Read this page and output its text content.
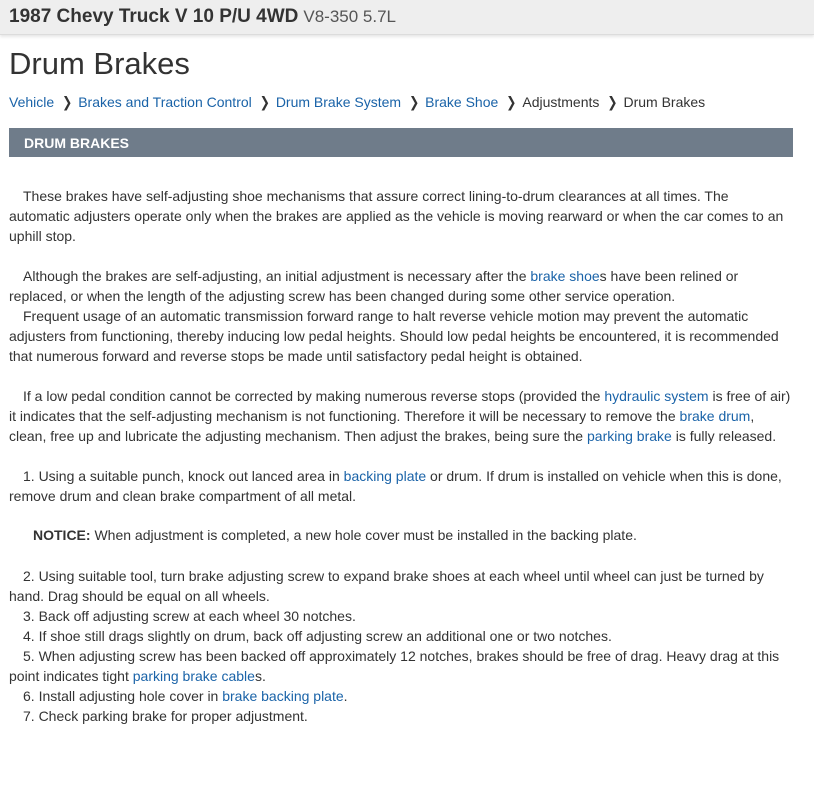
1987 Chevy Truck V 10 P/U 4WD V8-350 5.7L
Drum Brakes
Vehicle ❯ Brakes and Traction Control ❯ Drum Brake System ❯ Brake Shoe ❯ Adjustments ❯ Drum Brakes
DRUM BRAKES

These brakes have self-adjusting shoe mechanisms that assure correct lining-to-drum clearances at all times. The automatic adjusters operate only when the brakes are applied as the vehicle is moving rearward or when the car comes to an uphill stop.

Although the brakes are self-adjusting, an initial adjustment is necessary after the brake shoes have been relined or replaced, or when the length of the adjusting screw has been changed during some other service operation.

Frequent usage of an automatic transmission forward range to halt reverse vehicle motion may prevent the automatic adjusters from functioning, thereby inducing low pedal heights. Should low pedal heights be encountered, it is recommended that numerous forward and reverse stops be made until satisfactory pedal height is obtained.

If a low pedal condition cannot be corrected by making numerous reverse stops (provided the hydraulic system is free of air) it indicates that the self-adjusting mechanism is not functioning. Therefore it will be necessary to remove the brake drum, clean, free up and lubricate the adjusting mechanism. Then adjust the brakes, being sure the parking brake is fully released.

1. Using a suitable punch, knock out lanced area in backing plate or drum. If drum is installed on vehicle when this is done, remove drum and clean brake compartment of all metal.

NOTICE: When adjustment is completed, a new hole cover must be installed in the backing plate.

2. Using suitable tool, turn brake adjusting screw to expand brake shoes at each wheel until wheel can just be turned by hand. Drag should be equal on all wheels.

3. Back off adjusting screw at each wheel 30 notches.

4. If shoe still drags slightly on drum, back off adjusting screw an additional one or two notches.

5. When adjusting screw has been backed off approximately 12 notches, brakes should be free of drag. Heavy drag at this point indicates tight parking brake cables.

6. Install adjusting hole cover in brake backing plate.

7. Check parking brake for proper adjustment.
